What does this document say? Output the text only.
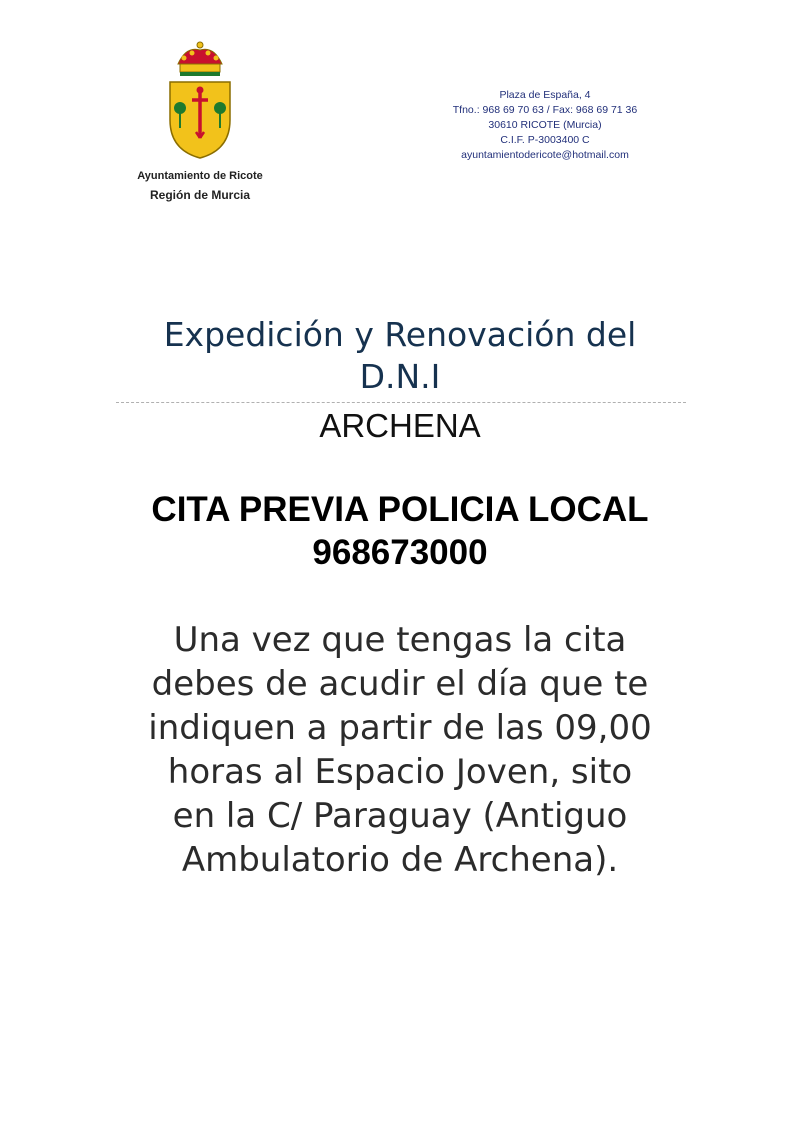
Ayuntamiento de Ricote
Región de Murcia
Plaza de España, 4
Tfno.: 968 69 70 63 / Fax: 968 69 71 36
30610 RICOTE (Murcia)
C.I.F. P-3003400 C
ayuntamientodericote@hotmail.com
Expedición y Renovación del
D.N.I
ARCHENA
CITA PREVIA POLICIA LOCAL
968673000
Una vez que tengas la cita
debes de acudir el día que te
indiquen a partir de las 09,00
horas al Espacio Joven, sito
en la C/ Paraguay (Antiguo
Ambulatorio de Archena).
